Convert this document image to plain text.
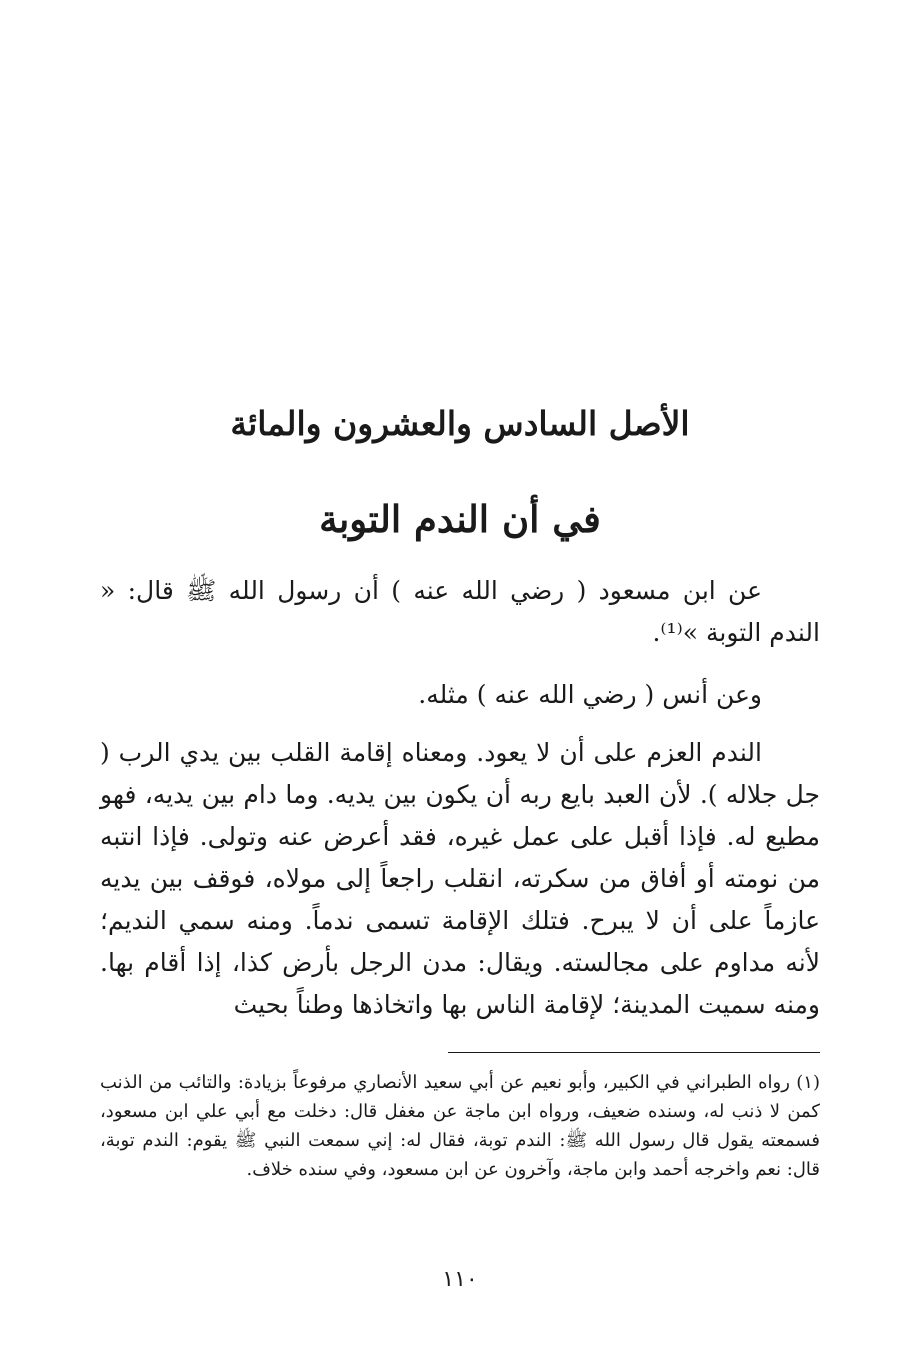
الأصل السادس والعشرون والمائة
في أن الندم التوبة

عن ابن مسعود ( رضي الله عنه ) أن رسول الله ﷺ قال: « الندم التوبة »⁽¹⁾.

وعن أنس ( رضي الله عنه ) مثله.

الندم العزم على أن لا يعود. ومعناه إقامة القلب بين يدي الرب ( جل جلاله ). لأن العبد بايع ربه أن يكون بين يديه. وما دام بين يديه، فهو مطيع له. فإذا أقبل على عمل غيره، فقد أعرض عنه وتولى. فإذا انتبه من نومته أو أفاق من سكرته، انقلب راجعاً إلى مولاه، فوقف بين يديه عازماً على أن لا يبرح. فتلك الإقامة تسمى ندماً. ومنه سمي النديم؛ لأنه مداوم على مجالسته. ويقال: مدن الرجل بأرض كذا، إذا أقام بها. ومنه سميت المدينة؛ لإقامة الناس بها واتخاذها وطناً بحيث

(١) رواه الطبراني في الكبير، وأبو نعيم عن أبي سعيد الأنصاري مرفوعاً بزيادة: والتائب من الذنب كمن لا ذنب له، وسنده ضعيف، ورواه ابن ماجة عن مغفل قال: دخلت مع أبي علي ابن مسعود، فسمعته يقول قال رسول الله ﷺ: الندم توبة، فقال له: إني سمعت النبي ﷺ يقوم: الندم توبة، قال: نعم واخرجه أحمد وابن ماجة، وآخرون عن ابن مسعود، وفي سنده خلاف.

١١٠
